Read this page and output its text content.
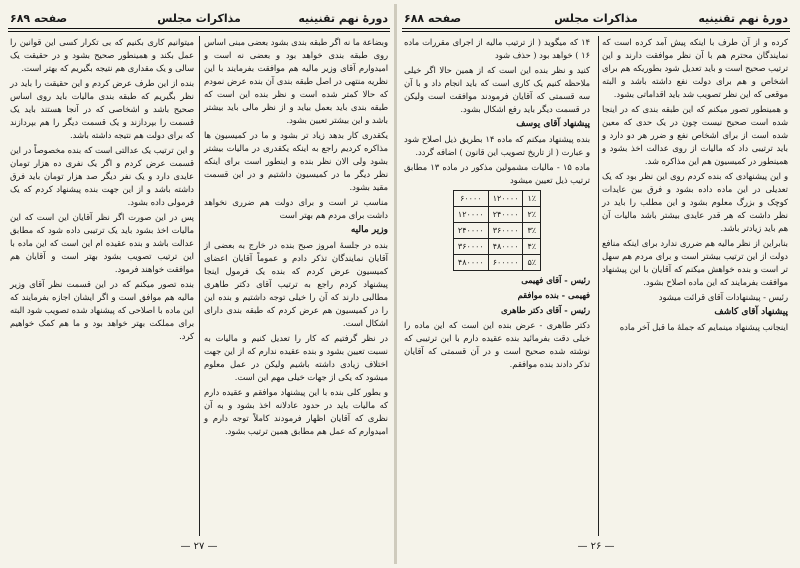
دورهٔ نهم تقنینیه
مذاکرات مجلس
صفحه ۶۸۹

وبضاعة ما نه اگر طبقه بندی بشود بعضی مبنی اساس روی طبقه بندی خواهد بود و بعضی نه است و امیدوارم آقای وزیر مالیه هم موافقت بفرمایند با این نظریه منتهی در اصل طبقه بندی آن بنده عرض نمودم که حالا کمتر شده است و نظر بنده این است که طبقه بندی باید بعمل بیاید و از نظر مالی باید بیشتر باشد و این بیشتر تعیین بشود.

یکقدری کار بدهد زیاد تر بشود و ما در کمیسیون ها مذاکره کردیم راجع به اینکه یکقدری در مالیات بیشتر بشود ولی الان نظر بنده و اینطور است برای اینکه نظر دیگر ما در کمیسیون داشتیم و در این قسمت مقید بشود.

مناسب تر است و برای دولت هم ضرری نخواهد داشت برای مردم هم بهتر است

وزیر مالیه

بنده در جلسهٔ امروز صبح بنده در خارج به بعضی از آقایان نمایندگان تذکر دادم و عموماً آقایان اعضای کمیسیون عرض کردم که بنده یک فرمول اینجا پیشنهاد کردم راجع به ترتیب آقای دکتر طاهری مطالبی دارند که آن را خیلی توجه داشتیم و بنده این را در کمیسیون هم عرض کردم که طبقه بندی دارای اشکال است.

در نظر گرفتیم که کار را تعدیل کنیم و مالیات به نسبت تعیین بشود و بنده عقیده ندارم که از این جهت اختلاف زیادی داشته باشیم ولیکن در عمل معلوم میشود که یکی از جهات خیلی مهم این است.

و بطور کلی بنده با این پیشنهاد موافقم و عقیده دارم که مالیات باید در حدود عادلانه اخذ بشود و به آن نظری که آقایان اظهار فرمودند کاملاً توجه دارم و امیدوارم که عمل هم مطابق همین ترتیب بشود.

میتوانیم کاری بکنیم که بی تکرار کسی این قوانین را عمل بکند و همینطور صحیح بشود و در حقیقت یک سالی و یک مقداری هم نتیجه بگیریم که بهتر است.

بنده از این طرف عرض کردم و این حقیقت را باید در نظر بگیریم که طبقه بندی مالیات باید روی اساس صحیح باشد و اشخاصی که در آنجا هستند باید یک قسمت را بپردازند و یک قسمت دیگر را هم بپردازند که برای دولت هم نتیجه داشته باشد.

و این ترتیب یک عدالتی است که بنده مخصوصاً در این قسمت عرض کردم و اگر یک نفری ده هزار تومان عایدی دارد و یک نفر دیگر صد هزار تومان باید فرق داشته باشد و از این جهت بنده پیشنهاد کردم که یک فرمولی داده بشود.

پس در این صورت اگر نظر آقایان این است که این مالیات اخذ بشود باید یک ترتیبی داده شود که مطابق عدالت باشد و بنده عقیده ام این است که این ماده با این ترتیب تصویب بشود بهتر است و آقایان هم موافقت خواهند فرمود.

بنده تصور میکنم که در این قسمت نظر آقای وزیر مالیه هم موافق است و اگر ایشان اجازه بفرمایند که این ماده با اصلاحی که پیشنهاد شده تصویب شود البته برای مملکت بهتر خواهد بود و ما هم کمک خواهیم کرد.

— ۲۷ —
دورهٔ نهم تقنینیه
مذاکرات مجلس
صفحه ۶۸۸

کرده و از آن طرف با اینکه پیش آمد کرده است که نمایندگان محترم هم با آن نظر موافقت دارند و این ترتیب صحیح است و باید تعدیل شود بطوریکه هم برای اشخاص و هم برای دولت نفع داشته باشد و البته موقعی که این نظر تصویب شد باید اقداماتی بشود.

و همینطور تصور میکنم که این طبقه بندی که در اینجا شده است صحیح نیست چون در یک حدی که معین شده است از برای اشخاص نفع و ضرر هر دو دارد و باید ترتیبی داد که مالیات از روی عدالت اخذ بشود و همینطور در کمیسیون هم این مذاکره شد.

و این پیشنهادی که بنده کردم روی این نظر بود که یک تعدیلی در این ماده داده بشود و فرق بین عایدات کوچک و بزرگ معلوم بشود و این مطلب را باید در نظر داشت که هر قدر عایدی بیشتر باشد مالیات آن هم باید زیادتر باشد.

بنابراین از نظر مالیه هم ضرری ندارد برای اینکه منافع دولت از این ترتیب بیشتر است و برای مردم هم سهل تر است و بنده خواهش میکنم که آقایان با این پیشنهاد موافقت بفرمایند که این ماده اصلاح بشود.

رئیس - پیشنهادات آقای قرائت میشود

پیشنهاد آقای کاشف

اینجانب پیشنهاد مینمایم که جملهٔ ما قبل آخر ماده

۱۴ که میگوید ( از ترتیب مالیه از اجرای مقررات ماده ۱۶ ) خواهد بود ( حذف شود

کنید و نظر بنده این است که از همین حالا اگر خیلی ملاحظه کنیم یک کاری است که باید انجام داد و با آن سه قسمتی که آقایان فرمودند موافقت است ولیکن در قسمت دیگر باید رفع اشکال بشود.

پیشنهاد آقای یوسف

بنده پیشنهاد میکنم که ماده ۱۴ بطریق ذیل اصلاح شود و عبارت ( از تاریخ تصویب این قانون ) اضافه گردد.

ماده ۱۵ - مالیات مشمولین مذکور در ماده ۱۳ مطابق ترتیب ذیل تعیین میشود

۶۰۰۰۰	۱۲۰۰۰۰	۱٪
۱۲۰۰۰۰	۲۴۰۰۰۰	۲٪
۲۴۰۰۰۰	۳۶۰۰۰۰	۳٪
۳۶۰۰۰۰	۴۸۰۰۰۰	۴٪
۴۸۰۰۰۰	۶۰۰۰۰۰	۵٪

رئیس - آقای فهیمی

فهیمی - بنده موافقم

رئیس - آقای دکتر طاهری

دکتر طاهری - عرض بنده این است که این ماده را خیلی دقت بفرمائید بنده عقیده دارم با این ترتیبی که نوشته شده صحیح است و در آن قسمتی که آقایان تذکر دادند بنده موافقم.

— ۲۶ —
